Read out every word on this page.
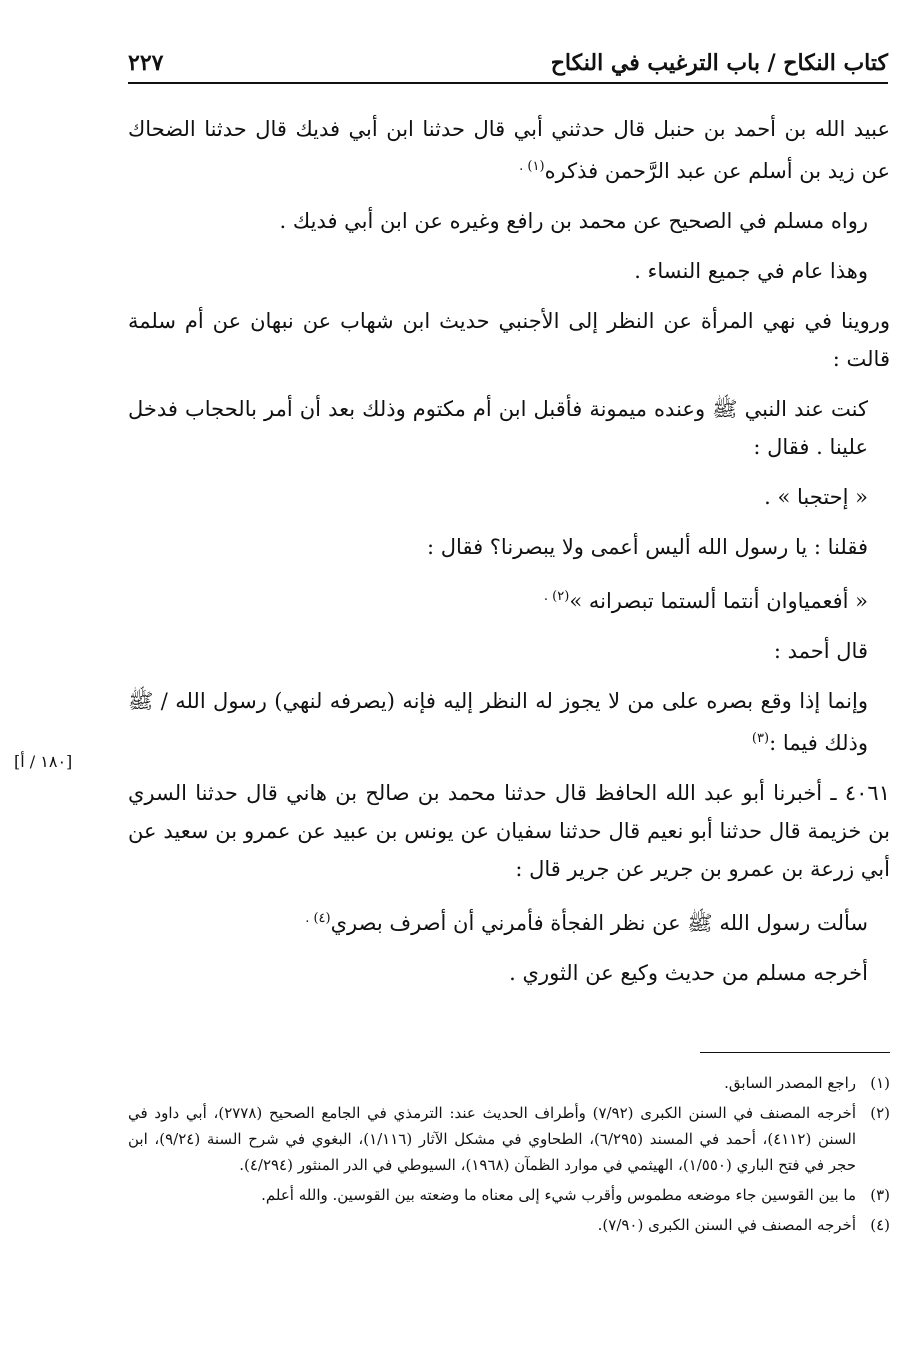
كتاب النكاح / باب الترغيب في النكاح
٢٢٧

عبيد الله بن أحمد بن حنبل قال حدثني أبي قال حدثنا ابن أبي فديك قال حدثنا الضحاك عن زيد بن أسلم عن عبد الرَّحمن فذكره$^{(١) .}$

رواه مسلم في الصحيح عن محمد بن رافع وغيره عن ابن أبي فديك .

وهذا عام في جميع النساء .

وروينا في نهي المرأة عن النظر إلى الأجنبي حديث ابن شهاب عن نبهان عن أم سلمة قالت :

كنت عند النبي ﷺ وعنده ميمونة فأقبل ابن أم مكتوم وذلك بعد أن أمر بالحجاب فدخل علينا . فقال :

« إحتجبا » .

فقلنا : يا رسول الله أليس أعمى ولا يبصرنا؟ فقال :

« أفعمياوان أنتما ألستما تبصرانه »$^{(٢) .}$

قال أحمد :

وإنما إذا وقع بصره على من لا يجوز له النظر إليه فإنه (يصرفه لنهي) رسول الله / ﷺ وذلك فيما :$^{(٣)}$

٤٠٦١ ـ أخبرنا أبو عبد الله الحافظ قال حدثنا محمد بن صالح بن هاني قال حدثنا السري بن خزيمة قال حدثنا أبو نعيم قال حدثنا سفيان عن يونس بن عبيد عن عمرو بن سعيد عن أبي زرعة بن عمرو بن جرير عن جرير قال :

سألت رسول الله ﷺ عن نظر الفجأة فأمرني أن أصرف بصري$^{(٤) .}$

أخرجه مسلم من حديث وكيع عن الثوري .

[١٨٠ / أ]
(١)
راجع المصدر السابق.
(٢)
أخرجه المصنف في السنن الكبرى (٧/٩٢) وأطراف الحديث عند: الترمذي في الجامع الصحيح (٢٧٧٨)، أبي داود في السنن (٤١١٢)، أحمد في المسند (٦/٢٩٥)، الطحاوي في مشكل الآثار (١/١١٦)، البغوي في شرح السنة (٩/٢٤)، ابن حجر في فتح الباري (١/٥٥٠)، الهيثمي في موارد الظمآن (١٩٦٨)، السيوطي في الدر المنثور (٤/٢٩٤).
(٣)
ما بين القوسين جاء موضعه مطموس وأقرب شيء إلى معناه ما وضعته بين القوسين. والله أعلم.
(٤)
أخرجه المصنف في السنن الكبرى (٧/٩٠).
